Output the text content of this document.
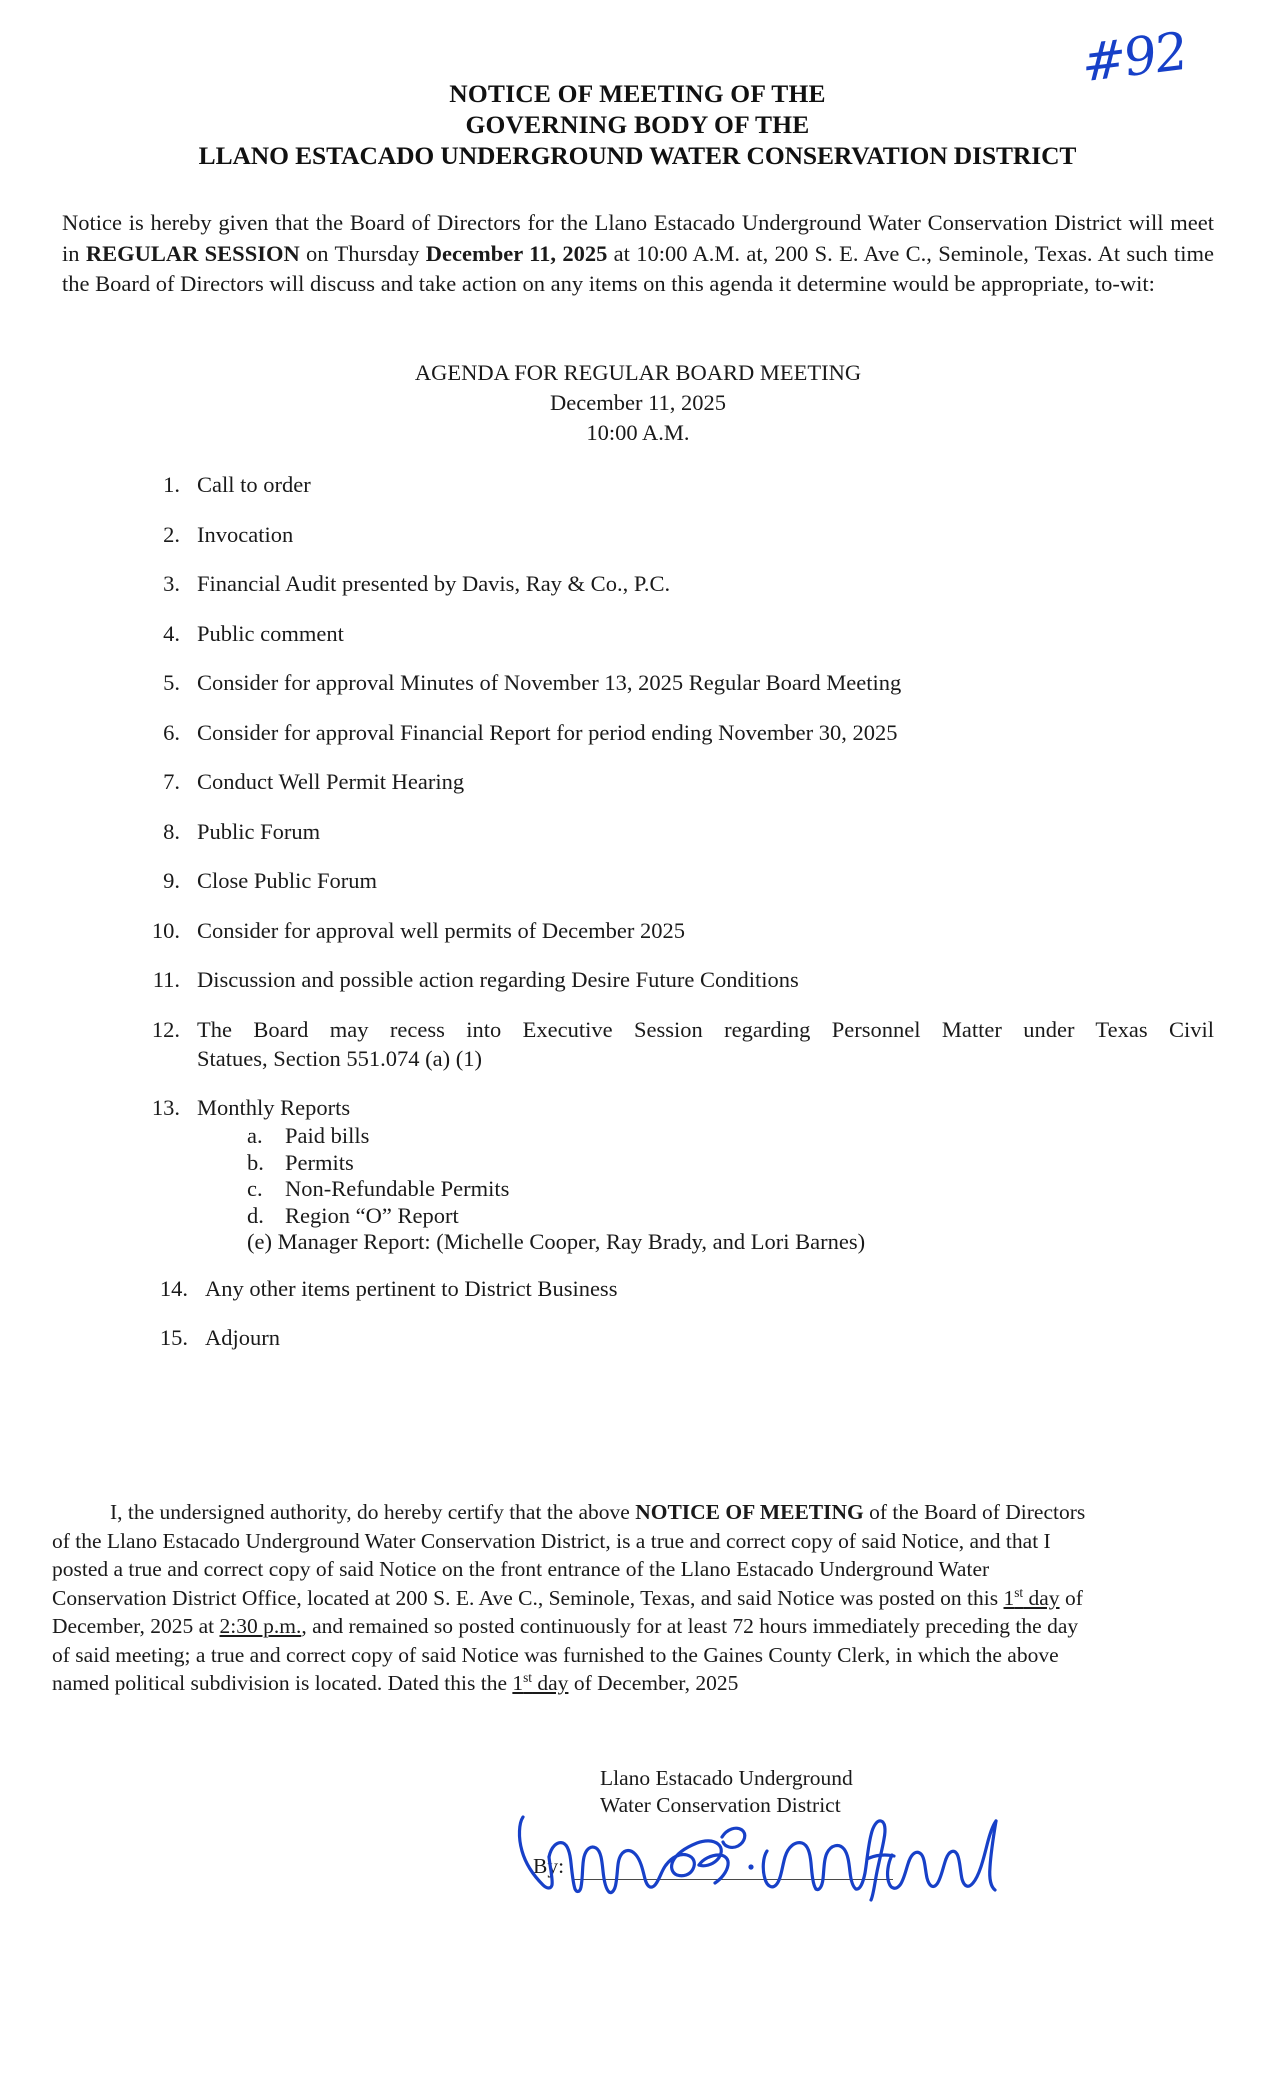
#92
NOTICE OF MEETING OF THE
GOVERNING BODY OF THE
LLANO ESTACADO UNDERGROUND WATER CONSERVATION DISTRICT
Notice is hereby given that the Board of Directors for the Llano Estacado Underground Water Conservation District will meet in REGULAR SESSION on Thursday December 11, 2025 at 10:00 A.M. at, 200 S. E. Ave C., Seminole, Texas. At such time the Board of Directors will discuss and take action on any items on this agenda it determine would be appropriate, to-wit:
AGENDA FOR REGULAR BOARD MEETING
December 11, 2025
10:00 A.M.
1. Call to order
2. Invocation
3. Financial Audit presented by Davis, Ray & Co., P.C.
4. Public comment
5. Consider for approval Minutes of November 13, 2025 Regular Board Meeting
6. Consider for approval Financial Report for period ending November 30, 2025
7. Conduct Well Permit Hearing
8. Public Forum
9. Close Public Forum
10. Consider for approval well permits of December 2025
11. Discussion and possible action regarding Desire Future Conditions
12. The Board may recess into Executive Session regarding Personnel Matter under Texas Civil
Statues, Section 551.074 (a) (1)
13. Monthly Reports
a. Paid bills
b. Permits
c. Non-Refundable Permits
d. Region “O” Report
(e) Manager Report: (Michelle Cooper, Ray Brady, and Lori Barnes)
14. Any other items pertinent to District Business
15. Adjourn
I, the undersigned authority, do hereby certify that the above NOTICE OF MEETING of the Board of Directors
of the Llano Estacado Underground Water Conservation District, is a true and correct copy of said Notice, and that I
posted a true and correct copy of said Notice on the front entrance of the Llano Estacado Underground Water
Conservation District Office, located at 200 S. E. Ave C., Seminole, Texas, and said Notice was posted on this 1st day of
December, 2025 at 2:30 p.m., and remained so posted continuously for at least 72 hours immediately preceding the day
of said meeting; a true and correct copy of said Notice was furnished to the Gaines County Clerk, in which the above
named political subdivision is located. Dated this the 1st day of December, 2025
Llano Estacado Underground
Water Conservation District
By:
